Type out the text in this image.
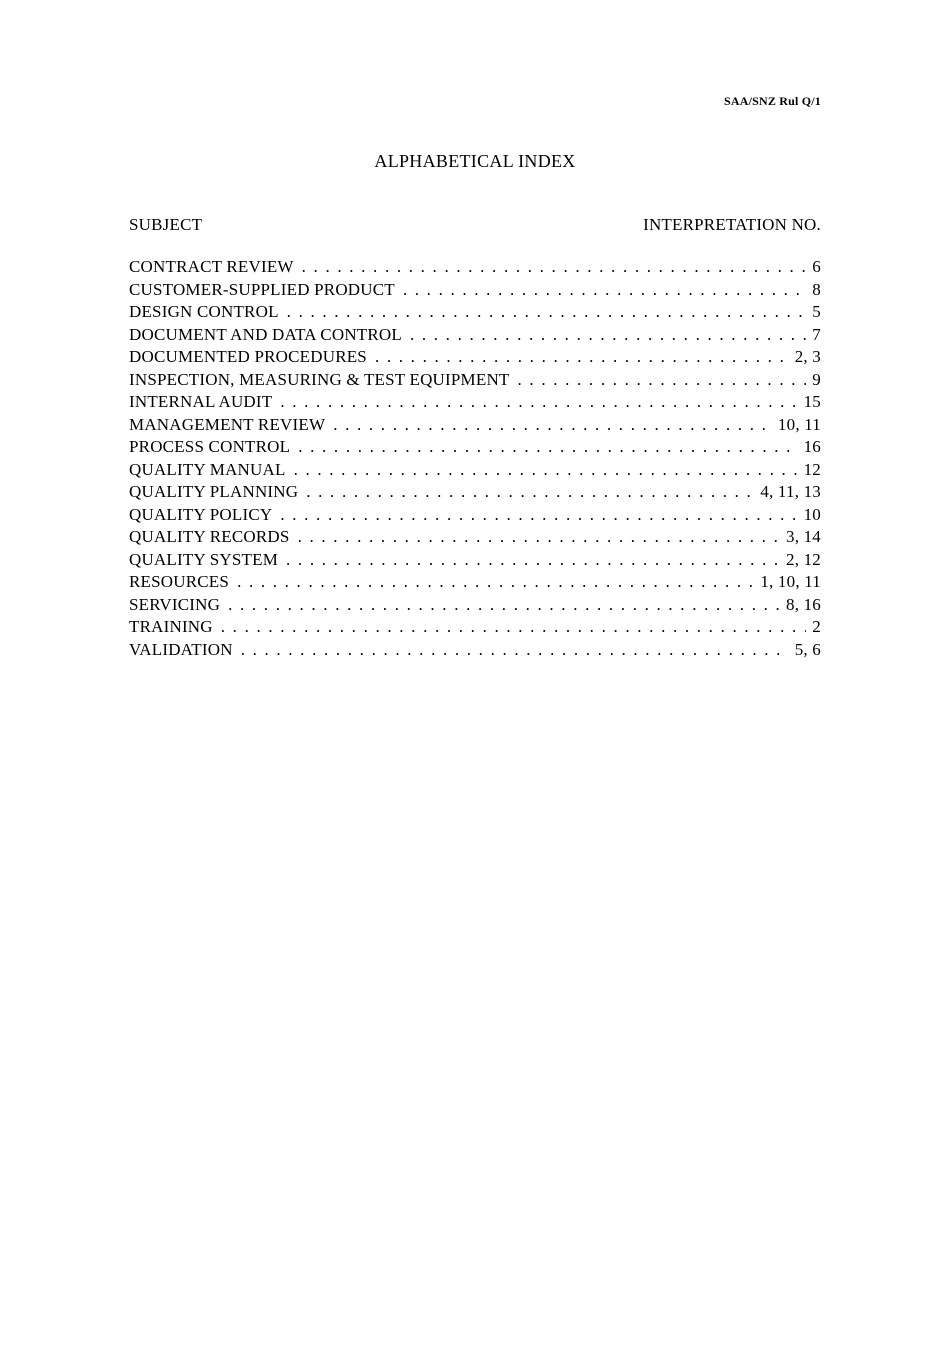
SAA/SNZ Rul Q/1
ALPHABETICAL INDEX
SUBJECT	INTERPRETATION NO.
CONTRACT REVIEW . . .	6
CUSTOMER-SUPPLIED PRODUCT . . .	8
DESIGN CONTROL . . .	5
DOCUMENT AND DATA CONTROL . . .	7
DOCUMENTED PROCEDURES . . .	2, 3
INSPECTION, MEASURING & TEST EQUIPMENT . . .	9
INTERNAL AUDIT . . .	15
MANAGEMENT REVIEW . . .	10, 11
PROCESS CONTROL . . .	16
QUALITY MANUAL . . .	12
QUALITY PLANNING . . .	4, 11, 13
QUALITY POLICY . . .	10
QUALITY RECORDS . . .	3, 14
QUALITY SYSTEM . . .	2, 12
RESOURCES . . .	1, 10, 11
SERVICING . . .	8, 16
TRAINING . . .	2
VALIDATION . . .	5, 6
